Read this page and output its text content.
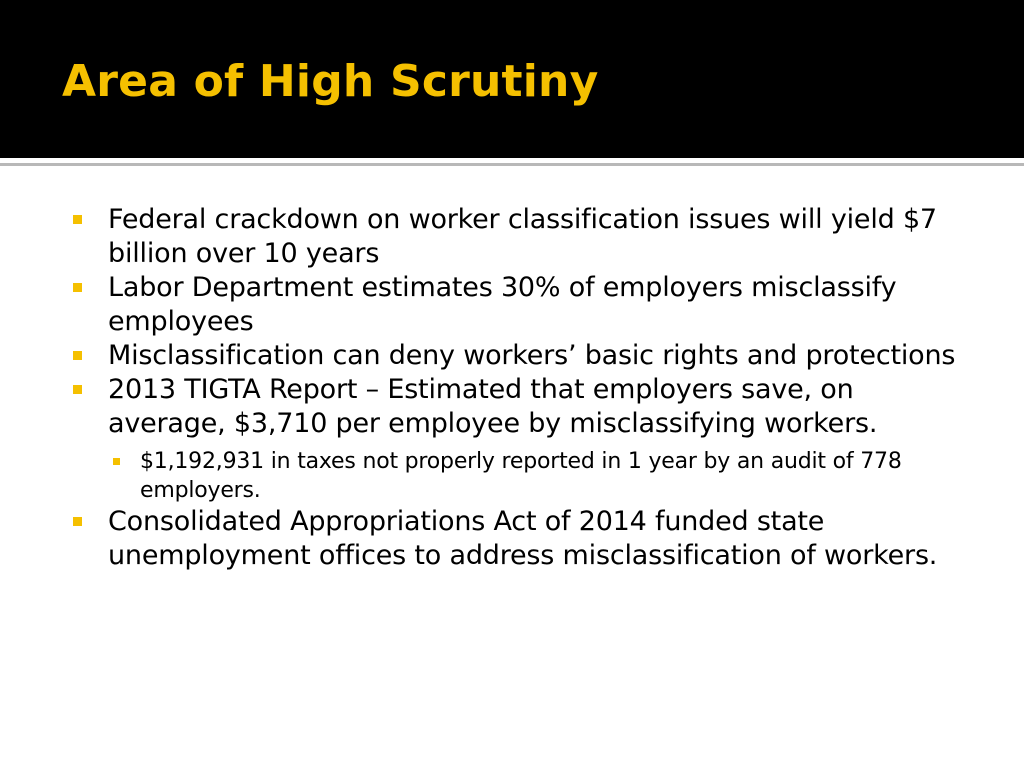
Area of High Scrutiny
Federal crackdown on worker classification issues will yield $7 billion over 10 years
Labor Department estimates 30% of employers misclassify employees
Misclassification can deny workers’ basic rights and protections
2013 TIGTA Report – Estimated that employers save, on average, $3,710 per employee by misclassifying workers.
$1,192,931 in taxes not properly reported in 1 year by an audit of 778 employers.
Consolidated Appropriations Act of 2014 funded state unemployment offices to address misclassification of workers.
